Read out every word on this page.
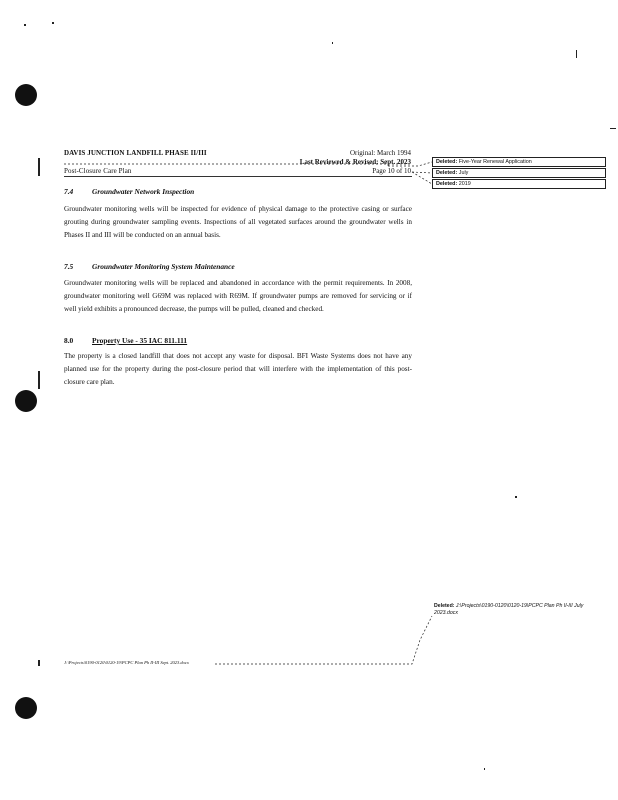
DAVIS JUNCTION LANDFILL PHASE II/III	Original: March 1994
Last Reviewed & Revised: Sept. 2023
Post-Closure Care Plan	Page 10 of 10
7.4	Groundwater Network Inspection
Groundwater monitoring wells will be inspected for evidence of physical damage to the protective casing or surface grouting during groundwater sampling events. Inspections of all vegetated surfaces around the groundwater wells in Phases II and III will be conducted on an annual basis.
7.5	Groundwater Monitoring System Maintenance
Groundwater monitoring wells will be replaced and abandoned in accordance with the permit requirements. In 2008, groundwater monitoring well G69M was replaced with R69M. If groundwater pumps are removed for servicing or if well yield exhibits a pronounced decrease, the pumps will be pulled, cleaned and checked.
8.0	Property Use - 35 IAC 811.111
The property is a closed landfill that does not accept any waste for disposal. BFI Waste Systems does not have any planned use for the property during the post-closure period that will interfere with the implementation of this post-closure care plan.
Deleted: Five-Year Renewal Application
Deleted: July
Deleted: 2019
Deleted: J:\Projects\0190-0120\0120-19\PCPC Plan Ph II-III July 2023.docx
J:\Projects\0190-0120\0120-19\PCPC Plan Ph II-III Sept. 2023.docx
